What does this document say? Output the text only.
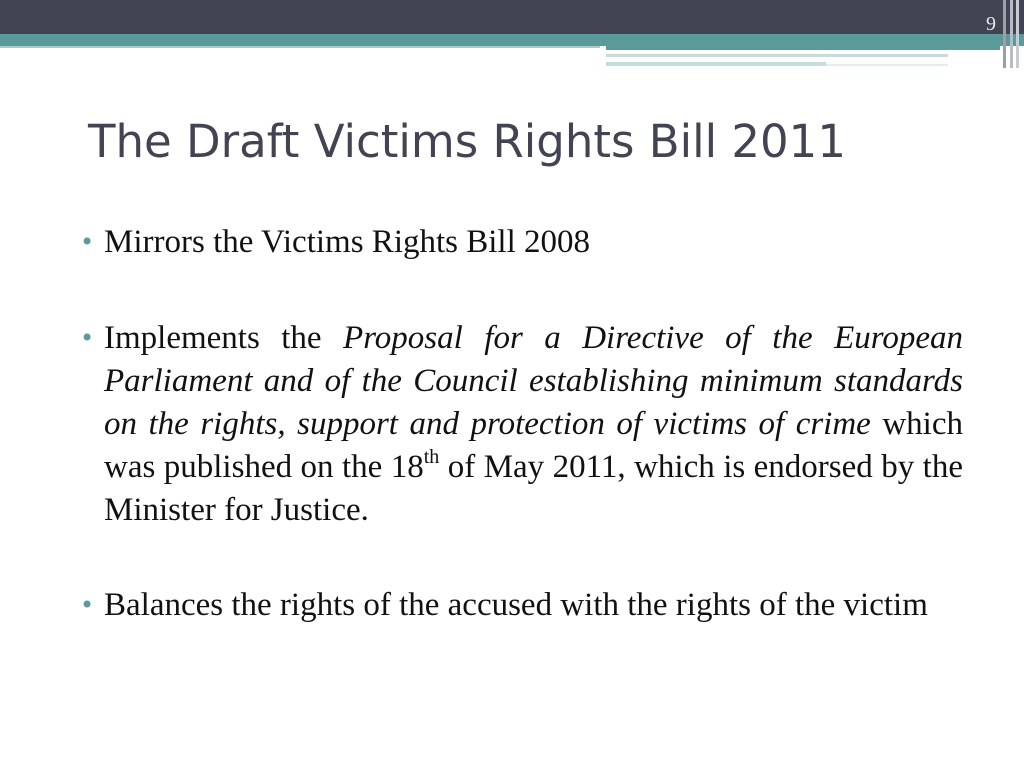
9
The Draft Victims Rights Bill 2011
• Mirrors the Victims Rights Bill 2008
• Implements the Proposal for a Directive of the European Parliament and of the Council establishing minimum standards on the rights, support and protection of victims of crime which was published on the 18th of May 2011, which is endorsed by the Minister for Justice.
• Balances the rights of the accused with the rights of the victim
